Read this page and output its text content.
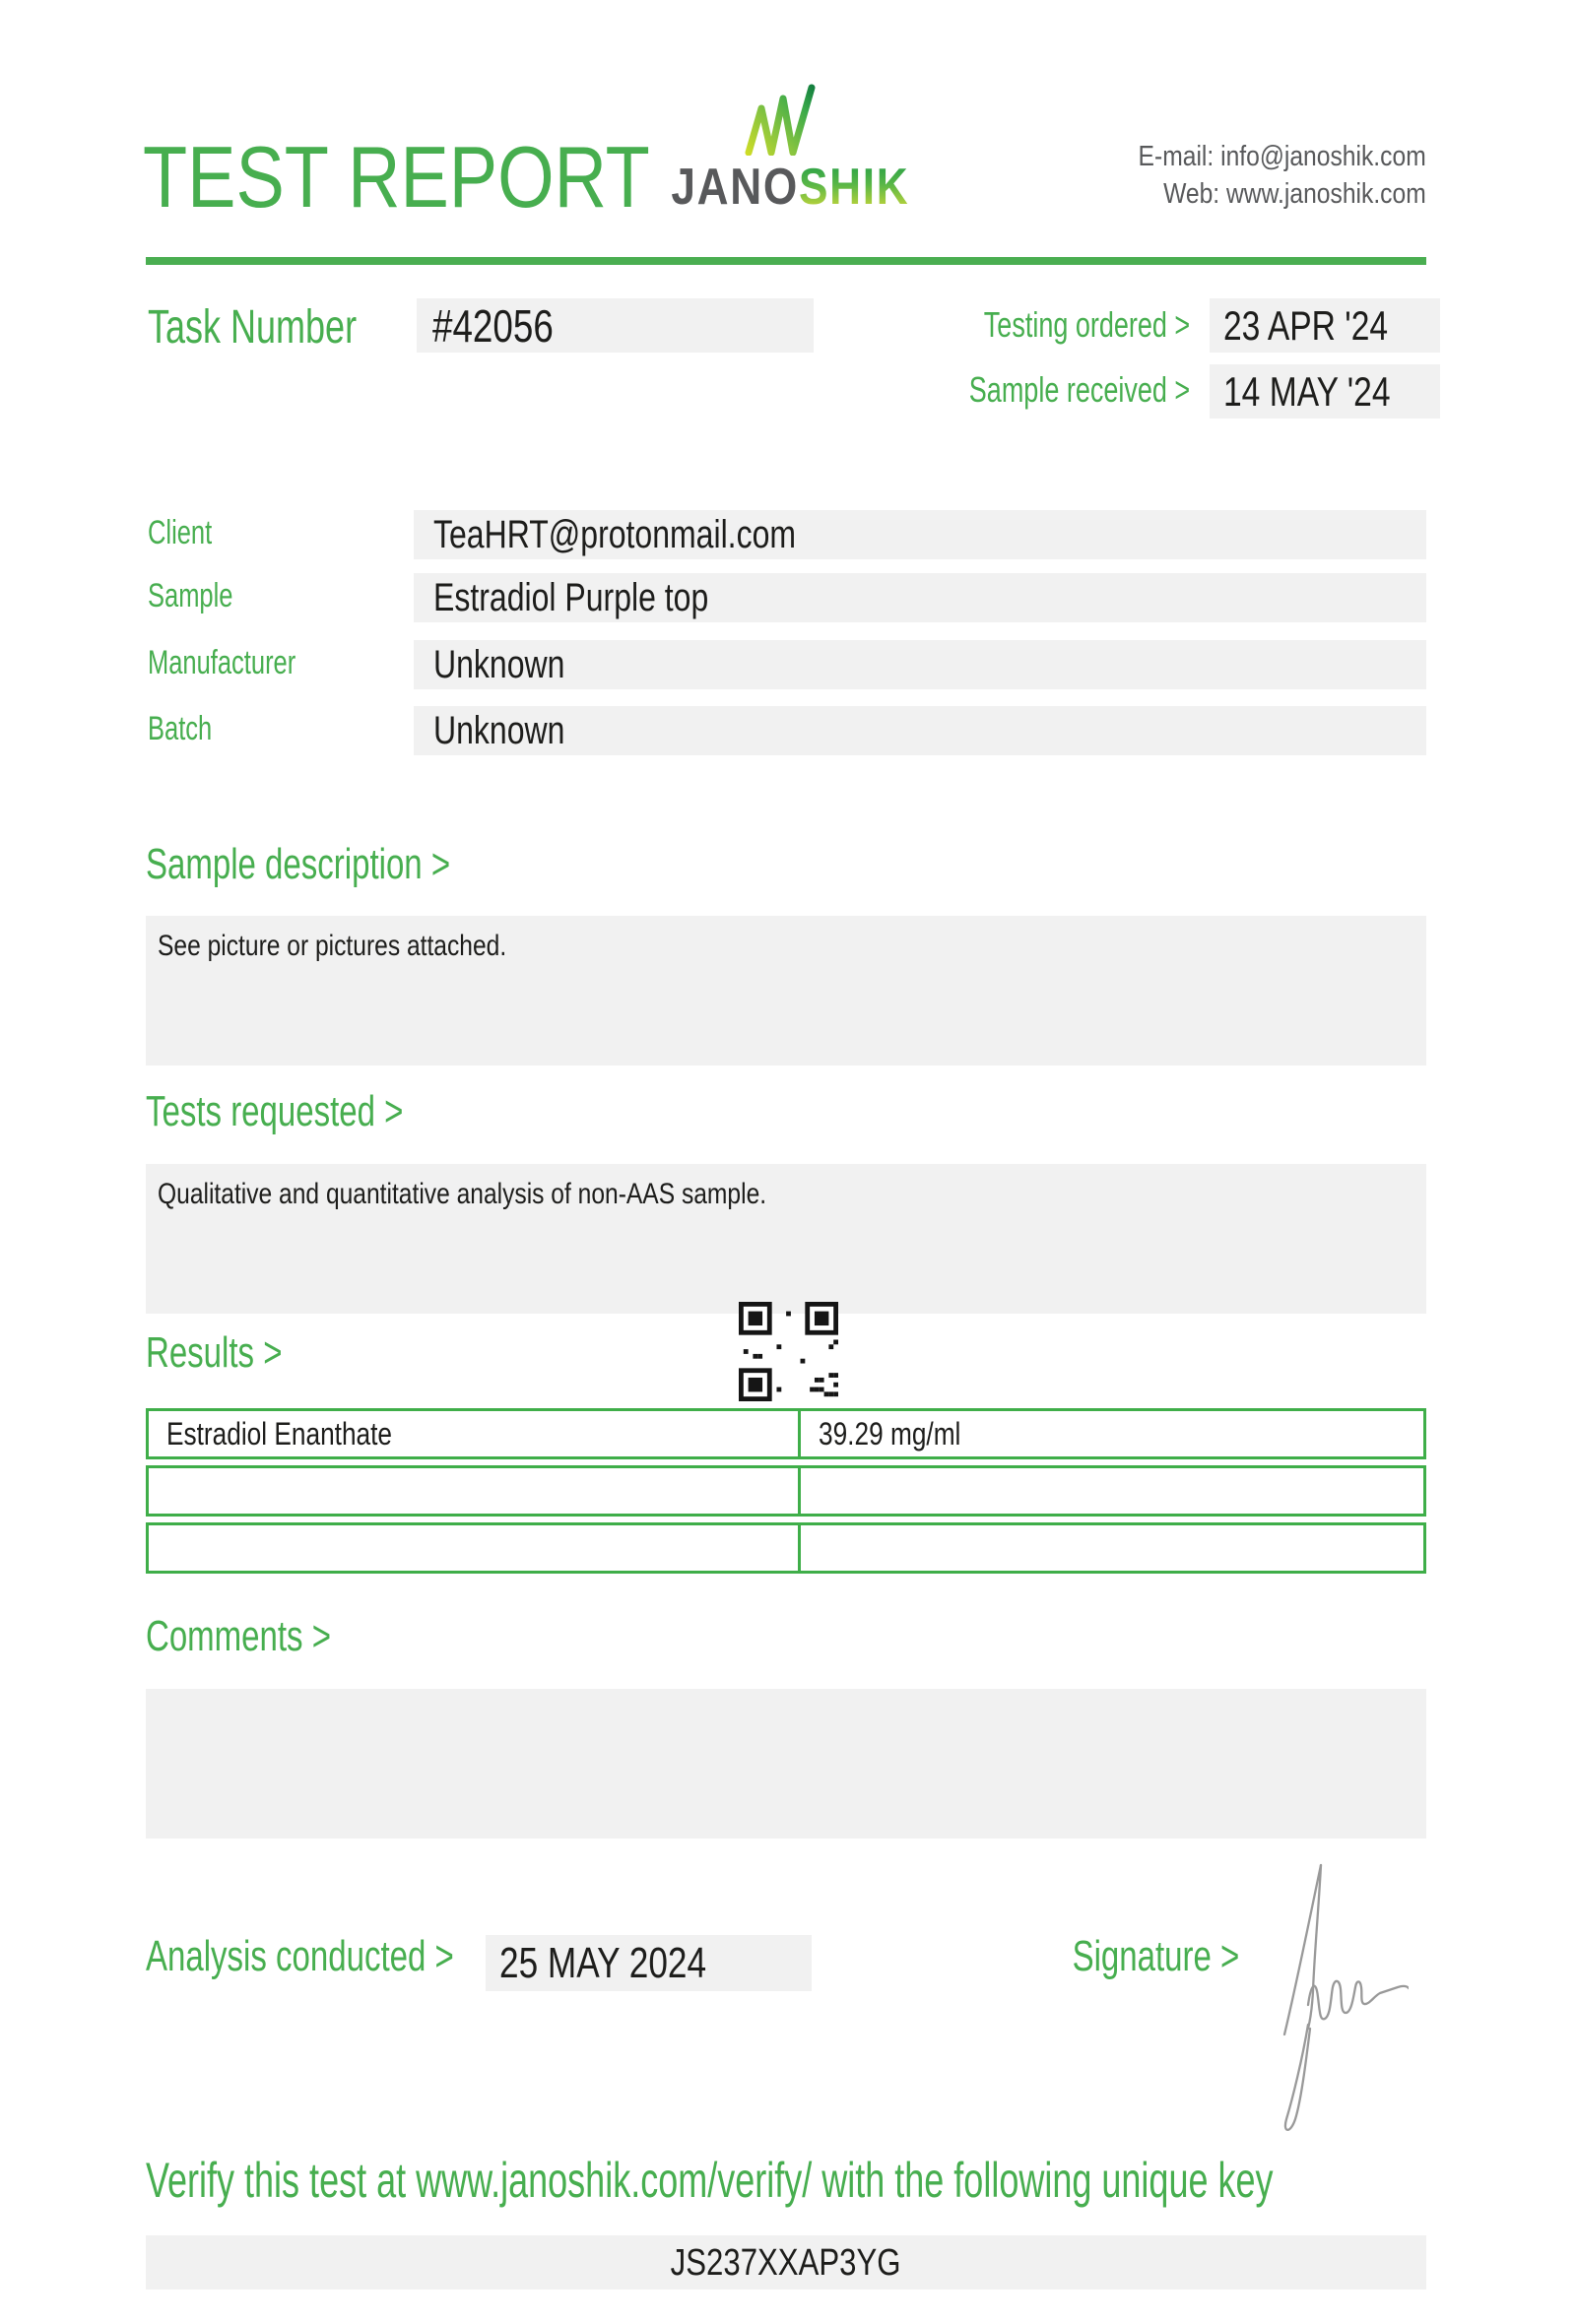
TEST REPORT JANOSHIK
E-mail: info@janoshik.com
Web: www.janoshik.com
Task Number	#42056	Testing ordered > 23 APR '24
Sample received > 14 MAY '24
Client	TeaHRT@protonmail.com
Sample	Estradiol Purple top
Manufacturer	Unknown
Batch	Unknown
Sample description >
See picture or pictures attached.
Tests requested >
Qualitative and quantitative analysis of non-AAS sample.
Results >
Estradiol Enanthate	39.29 mg/ml
Comments >
Analysis conducted >	25 MAY 2024	Signature >
Verify this test at www.janoshik.com/verify/ with the following unique key
JS237XXAP3YG
